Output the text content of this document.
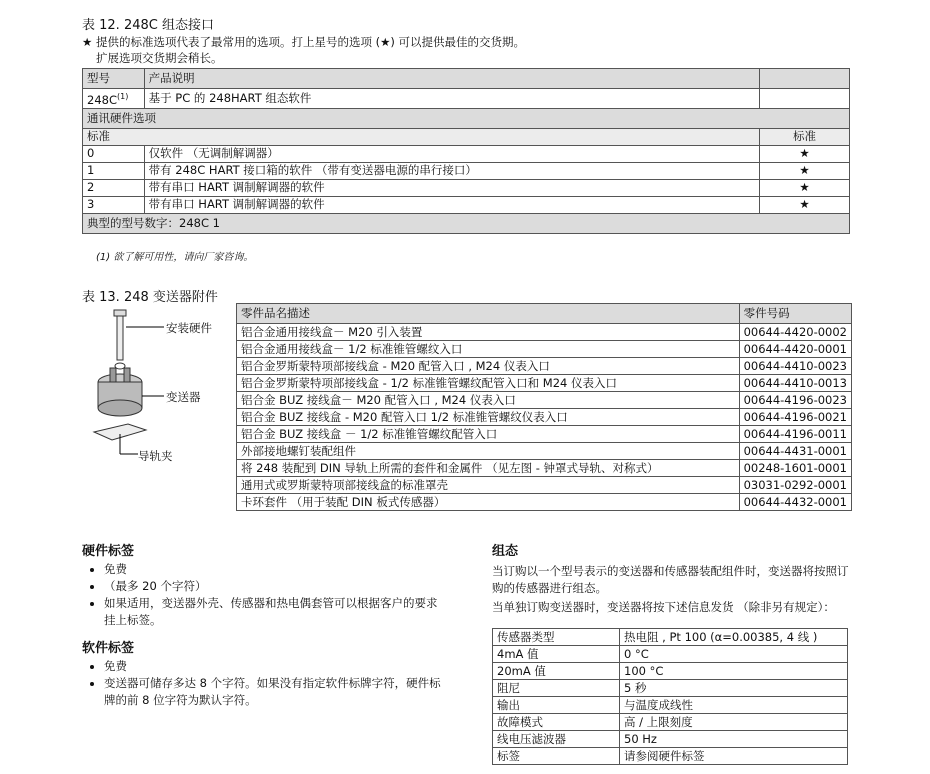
表 12. 248C 组态接口
★ 提供的标准选项代表了最常用的选项。打上星号的选项 (★) 可以提供最佳的交货期。
扩展选项交货期会稍长。
型号	产品说明	
$248C^{(1)}$	基于 PC 的 248HART 组态软件	
通讯硬件选项		
标准		标准
0	仅软件 （无调制解调器）	★
1	带有 248C HART 接口箱的软件 （带有变送器电源的串行接口）	★
2	带有串口 HART 调制解调器的软件	★
3	带有串口 HART 调制解调器的软件	★
典型的型号数字：248C 1		
(1) 欲了解可用性，请向厂家咨询。
表 13. 248 变送器附件
安装硬件
变送器
导轨夹
零件品名描述	零件号码
铝合金通用接线盒－ M20 引入装置	00644-4420-0002
铝合金通用接线盒－ 1/2 标准锥管螺纹入口	00644-4420-0001
铝合金罗斯蒙特项部接线盒 - M20 配管入口 , M24 仪表入口	00644-4410-0023
铝合金罗斯蒙特项部接线盒 - 1/2 标准锥管螺纹配管入口和 M24 仪表入口	00644-4410-0013
铝合金 BUZ 接线盒－ M20 配管入口 , M24 仪表入口	00644-4196-0023
铝合金 BUZ 接线盒 - M20 配管入口 1/2 标准锥管螺纹仪表入口	00644-4196-0021
铝合金 BUZ 接线盒 － 1/2 标准锥管螺纹配管入口	00644-4196-0011
外部接地螺钉装配组件	00644-4431-0001
将 248 装配到 DIN 导轨上所需的套件和金属件 （见左图 - 钟罩式导轨、对称式）	00248-1601-0001
通用式或罗斯蒙特项部接线盒的标准罩壳	03031-0292-0001
卡环套件 （用于装配 DIN 板式传感器）	00644-4432-0001
硬件标签
• 免费
• （最多 20 个字符）
• 如果适用，变送器外壳、传感器和热电偶套管可以根据客户的要求挂上标签。
软件标签
• 免费
• 变送器可储存多达 8 个字符。如果没有指定软件标牌字符，硬件标牌的前 8 位字符为默认字符。
组态
当订购以一个型号表示的变送器和传感器装配组件时，变送器将按照订购的传感器进行组态。
当单独订购变送器时，变送器将按下述信息发货 （除非另有规定）：
传感器类型	热电阻 , Pt 100 (α=0.00385, 4 线 )
4mA 值	0 °C
20mA 值	100 °C
阻尼	5 秒
输出	与温度成线性
故障模式	高 / 上限刻度
线电压滤波器	50 Hz
标签	请参阅硬件标签
